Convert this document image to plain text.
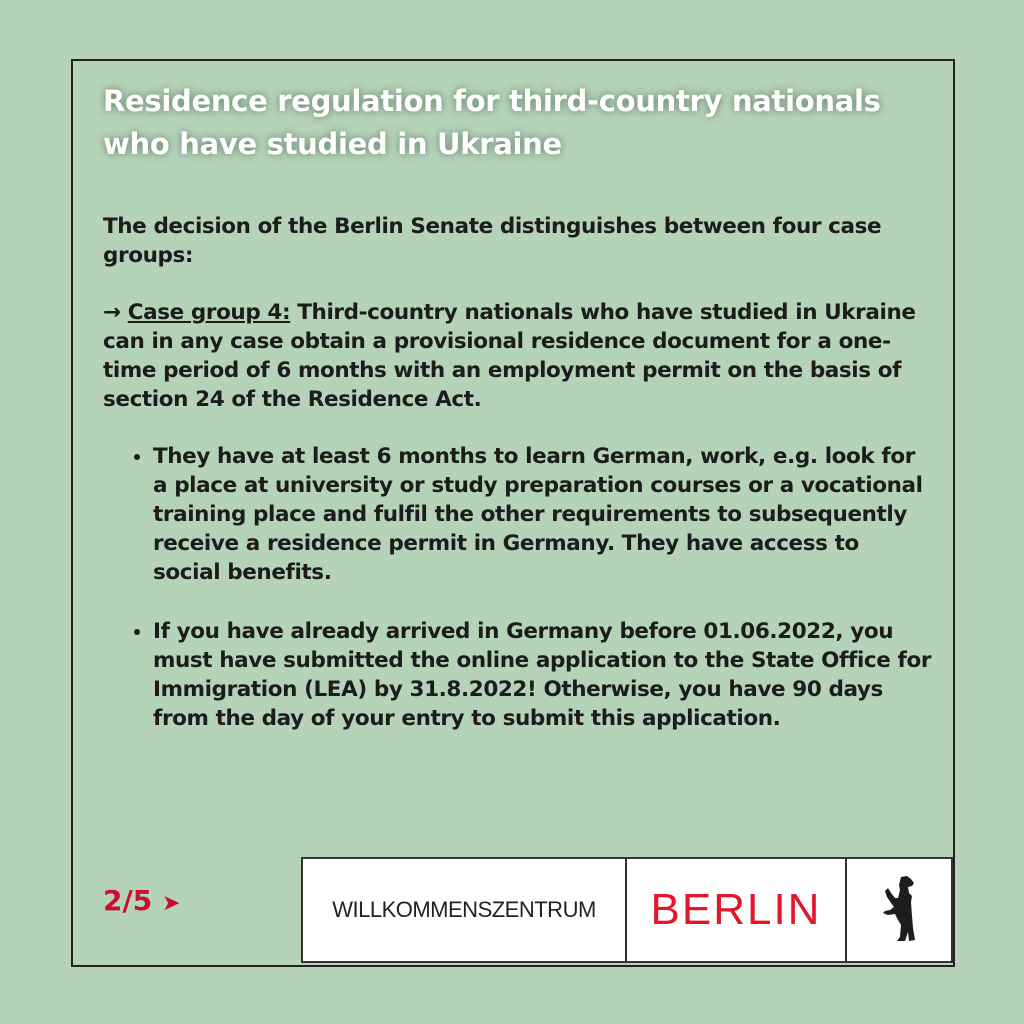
Residence regulation for third-country nationals
who have studied in Ukraine

The decision of the Berlin Senate distinguishes between four case groups:

→ Case group 4: Third-country nationals who have studied in Ukraine can in any case obtain a provisional residence document for a one-time period of 6 months with an employment permit on the basis of section 24 of the Residence Act.

• They have at least 6 months to learn German, work, e.g. look for a place at university or study preparation courses or a vocational training place and fulfil the other requirements to subsequently receive a residence permit in Germany. They have access to social benefits.
• If you have already arrived in Germany before 01.06.2022, you must have submitted the online application to the State Office for Immigration (LEA) by 31.8.2022! Otherwise, you have 90 days from the day of your entry to submit this application.
2/5 ➤	WILLKOMMENSZENTRUM BERLIN
